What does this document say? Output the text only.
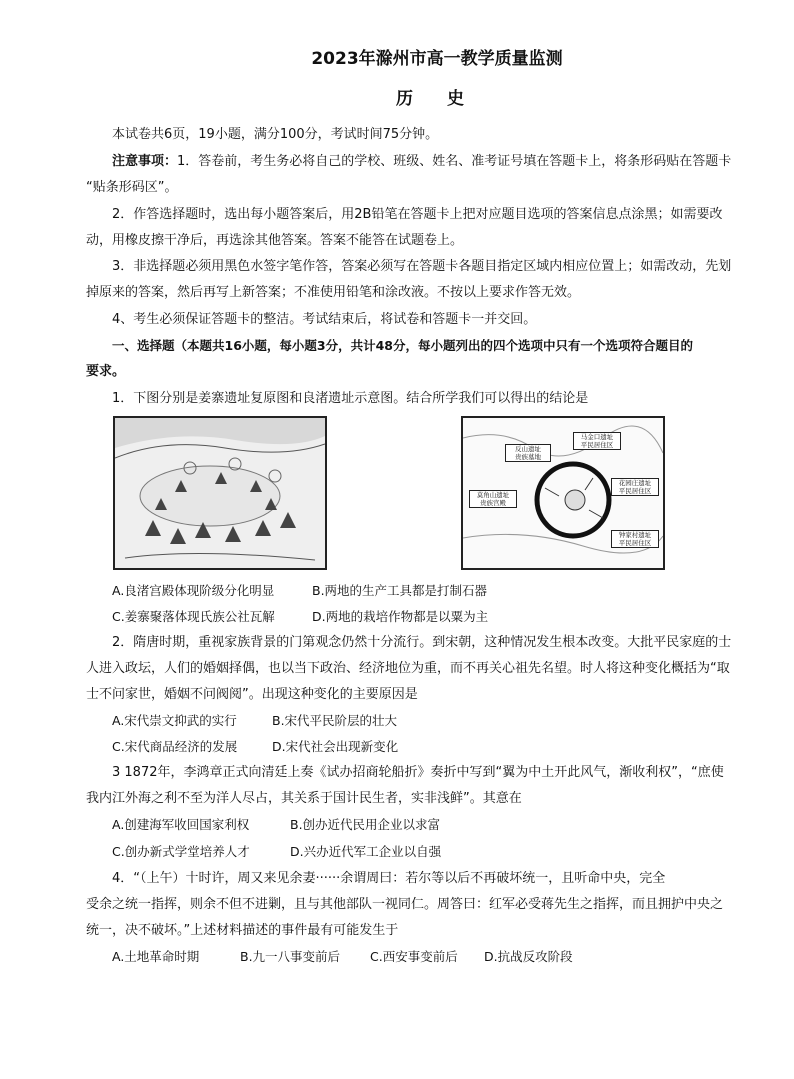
2023年滁州市高一教学质量监测
历 史
本试卷共6页，19小题，满分100分，考试时间75分钟。
注意事项：1．答卷前，考生务必将自己的学校、班级、姓名、准考证号填在答题卡上，将条形码贴在答题卡
“贴条形码区”。
2．作答选择题时，选出每小题答案后，用2B铅笔在答题卡上把对应题目选项的答案信息点涂黑；如需要改
动，用橡皮擦干净后，再选涂其他答案。答案不能答在试题卷上。
3．非选择题必须用黑色水签字笔作答，答案必须写在答题卡各题目指定区域内相应位置上；如需改动，先划
掉原来的答案，然后再写上新答案；不准使用铅笔和涂改液。不按以上要求作答无效。
4、考生必须保证答题卡的整洁。考试结束后，将试卷和答题卡一并交回。
一、选择题（本题共16小题，每小题3分，共计48分，每小题列出的四个选项中只有一个选项符合题目的
要求。
1．下图分别是姜寨遗址复原图和良渚遗址示意图。结合所学我们可以得出的结论是
反山遗址
贵族墓地
马金口遗址
平民居住区
莫角山遗址
贵族宫殿
花园庄遗址
平民居住区
钟家村遗址
平民居住区
A.良渚宫殿体现阶级分化明显	B.两地的生产工具都是打制石器
C.姜寨聚落体现氏族公社瓦解	D.两地的栽培作物都是以粟为主
2．隋唐时期，重视家族背景的门第观念仍然十分流行。到宋朝，这种情况发生根本改变。大批平民家庭的士
人进入政坛，人们的婚姻择偶，也以当下政治、经济地位为重，而不再关心祖先名望。时人将这种变化概括为“取
士不问家世，婚姻不问阀阅”。出现这种变化的主要原因是
A.宋代崇文抑武的实行	B.宋代平民阶层的壮大
C.宋代商品经济的发展	D.宋代社会出现新变化
3 1872年，李鸿章正式向清廷上奏《试办招商轮船折》奏折中写到“翼为中土开此风气，渐收利权”，“庶使
我内江外海之利不至为洋人尽占，其关系于国计民生者，实非浅鲜”。其意在
A.创建海军收回国家利权	B.创办近代民用企业以求富
C.创办新式学堂培养人才	D.兴办近代军工企业以自强
4．“（上午）十时许，周又来见余妻······余谓周曰：若尔等以后不再破坏统一，且听命中央，完全
受余之统一指挥，则余不但不进剿，且与其他部队一视同仁。周答曰：红军必受蒋先生之指挥，而且拥护中央之
统一，决不破坏。”上述材料描述的事件最有可能发生于
A.土地革命时期	B.九一八事变前后 C.西安事变前后 D.抗战反攻阶段
